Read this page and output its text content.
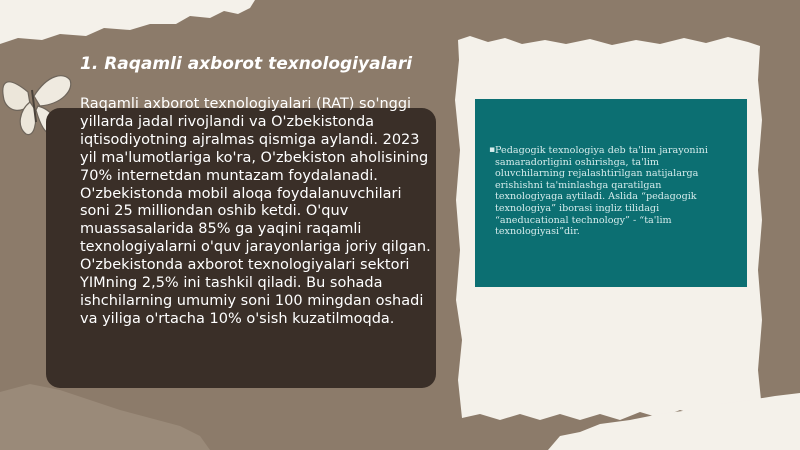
1. Raqamli axborot texnologiyalari

Raqamli axborot texnologiyalari (RAT) so'nggi yillarda jadal rivojlandi va O'zbekistonda iqtisodiyotning ajralmas qismiga aylandi. 2023 yil ma'lumotlariga ko'ra, O'zbekiston aholisining 70% internetdan muntazam foydalanadi. O'zbekistonda mobil aloqa foydalanuvchilari soni 25 milliondan oshib ketdi. O'quv muassasalarida 85% ga yaqini raqamli texnologiyalarni o'quv jarayonlariga joriy qilgan. O'zbekistonda axborot texnologiyalari sektori YIMning 2,5% ini tashkil qiladi. Bu sohada ishchilarning umumiy soni 100 mingdan oshadi va yiliga o'rtacha 10% o'sish kuzatilmoqda.

▪ Pedagogik texnologiya deb ta'lim jarayonini samaradorligini oshirishga, ta'lim oluvchilarning rejalashtirilgan natijalarga erishishni ta'minlashga qaratilgan texnologiyaga aytiladi. Aslida “pedagogik texnologiya” iborasi ingliz tilidagi “aneducational technology” - “ta'lim texnologiyasi”dir.
